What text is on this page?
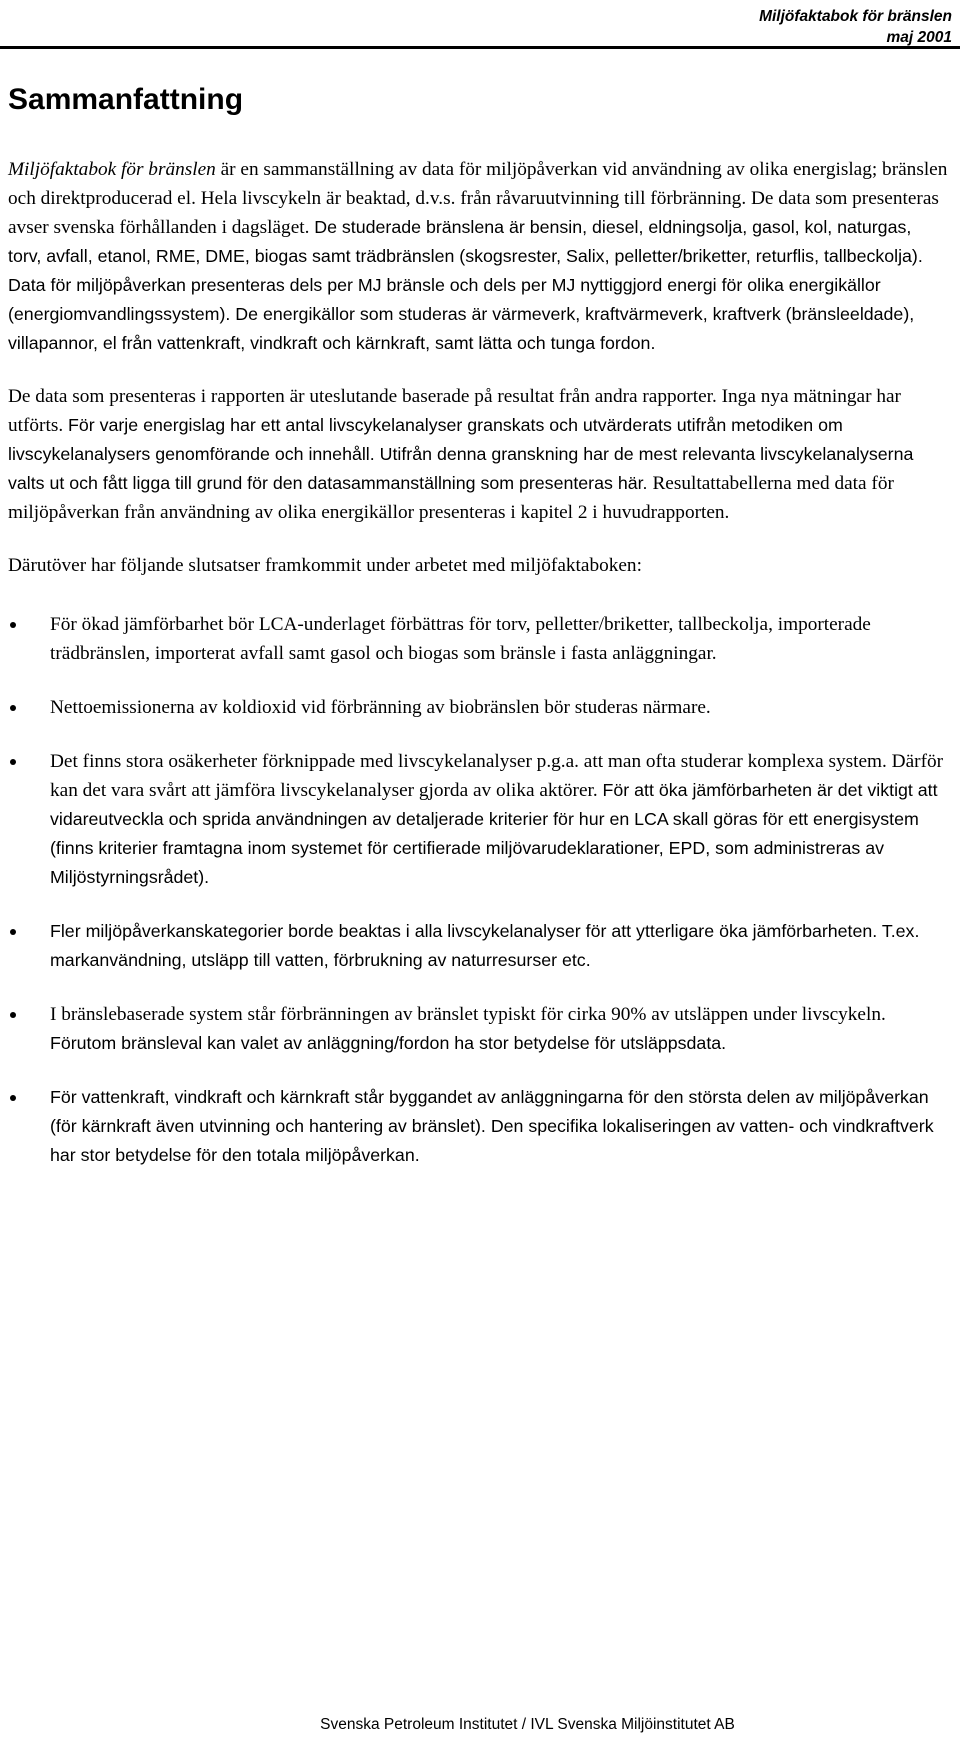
Miljöfaktabok för bränslen
maj 2001
Sammanfattning

Miljöfaktabok för bränslen är en sammanställning av data för miljöpåverkan vid användning av olika energislag; bränslen och direktproducerad el. Hela livscykeln är beaktad, d.v.s. från råvaruutvinning till förbränning. De data som presenteras avser svenska förhållanden i dagsläget. De studerade bränslena är bensin, diesel, eldningsolja, gasol, kol, naturgas, torv, avfall, etanol, RME, DME, biogas samt trädbränslen (skogsrester, Salix, pelletter/briketter, returflis, tallbeckolja). Data för miljöpåverkan presenteras dels per MJ bränsle och dels per MJ nyttiggjord energi för olika energikällor (energiomvandlingssystem). De energikällor som studeras är värmeverk, kraftvärmeverk, kraftverk (bränsleeldade), villapannor, el från vattenkraft, vindkraft och kärnkraft, samt lätta och tunga fordon.

De data som presenteras i rapporten är uteslutande baserade på resultat från andra rapporter. Inga nya mätningar har utförts. För varje energislag har ett antal livscykelanalyser granskats och utvärderats utifrån metodiken om livscykelanalysers genomförande och innehåll. Utifrån denna granskning har de mest relevanta livscykelanalyserna valts ut och fått ligga till grund för den datasammanställning som presenteras här. Resultattabellerna med data för miljöpåverkan från användning av olika energikällor presenteras i kapitel 2 i huvudrapporten.

Därutöver har följande slutsatser framkommit under arbetet med miljöfaktaboken:

För ökad jämförbarhet bör LCA-underlaget förbättras för torv, pelletter/briketter, tallbeckolja, importerade trädbränslen, importerat avfall samt gasol och biogas som bränsle i fasta anläggningar.
Nettoemissionerna av koldioxid vid förbränning av biobränslen bör studeras närmare.
Det finns stora osäkerheter förknippade med livscykelanalyser p.g.a. att man ofta studerar komplexa system. Därför kan det vara svårt att jämföra livscykelanalyser gjorda av olika aktörer. För att öka jämförbarheten är det viktigt att vidareutveckla och sprida användningen av detaljerade kriterier för hur en LCA skall göras för ett energisystem (finns kriterier framtagna inom systemet för certifierade miljövarudeklarationer, EPD, som administreras av Miljöstyrningsrådet).
Fler miljöpåverkanskategorier borde beaktas i alla livscykelanalyser för att ytterligare öka jämförbarheten. T.ex. markanvändning, utsläpp till vatten, förbrukning av naturresurser etc.
I bränslebaserade system står förbränningen av bränslet typiskt för cirka 90% av utsläppen under livscykeln. Förutom bränsleval kan valet av anläggning/fordon ha stor betydelse för utsläppsdata.
För vattenkraft, vindkraft och kärnkraft står byggandet av anläggningarna för den största delen av miljöpåverkan (för kärnkraft även utvinning och hantering av bränslet). Den specifika lokaliseringen av vatten- och vindkraftverk har stor betydelse för den totala miljöpåverkan.
Svenska Petroleum Institutet / IVL Svenska Miljöinstitutet AB
